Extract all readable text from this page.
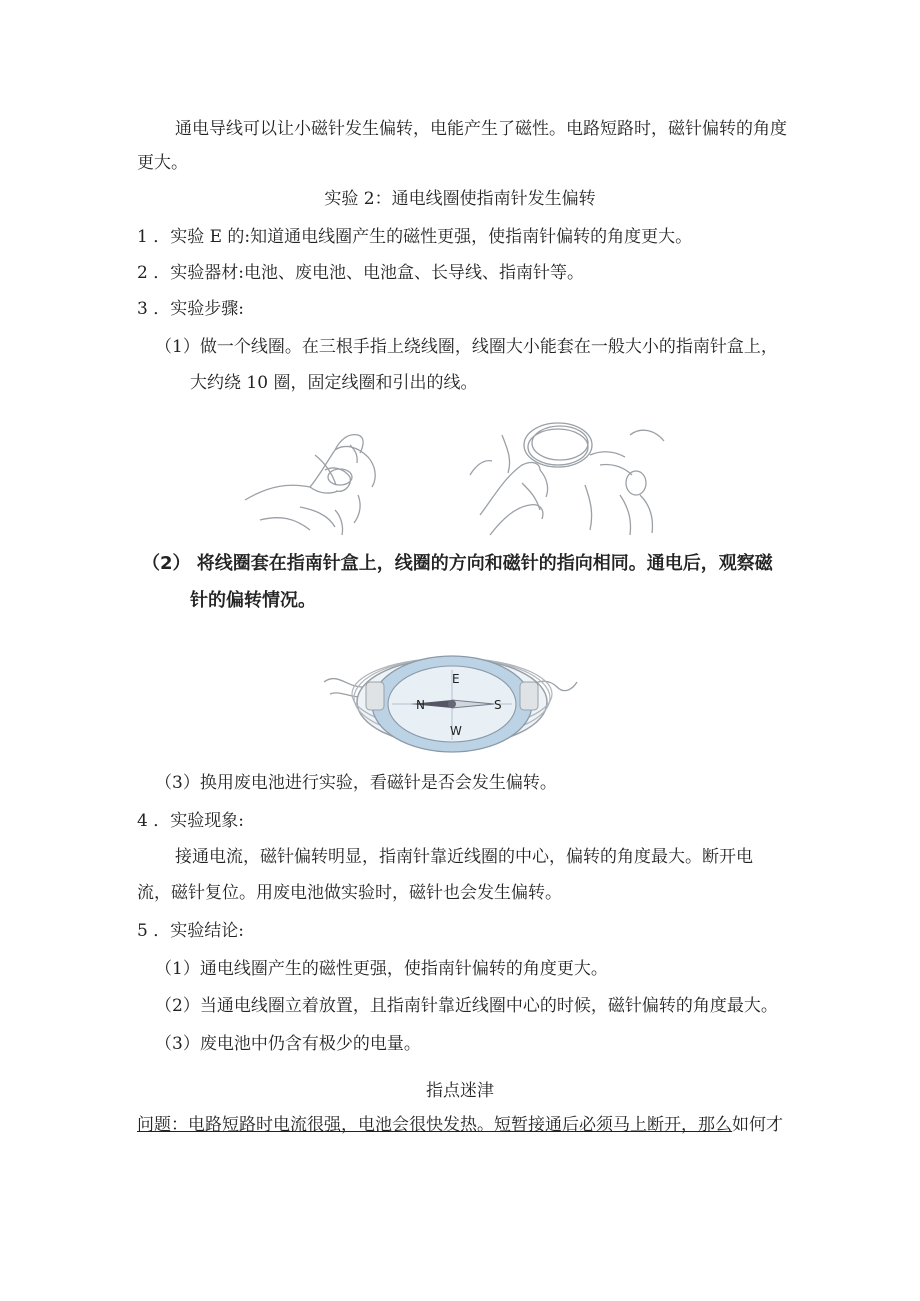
通电导线可以让小磁针发生偏转，电能产生了磁性。电路短路时，磁针偏转的角度
更大。
实验 2：通电线圈使指南针发生偏转
1 ．实验 E 的:知道通电线圈产生的磁性更强，使指南针偏转的角度更大。
2 ．实验器材:电池、废电池、电池盒、长导线、指南针等。
3 ．实验步骤:
（1）做一个线圈。在三根手指上绕线圈，线圈大小能套在一般大小的指南针盒上，
大约绕 10 圈，固定线圈和引出的线。
（2） 将线圈套在指南针盒上，线圈的方向和磁针的指向相同。通电后，观察磁
针的偏转情况。
E
N	S
W
（3）换用废电池进行实验，看磁针是否会发生偏转。
4 ．实验现象:
接通电流，磁针偏转明显，指南针靠近线圈的中心，偏转的角度最大。断开电
流，磁针复位。用废电池做实验时，磁针也会发生偏转。
5 ．实验结论:
（1）通电线圈产生的磁性更强，使指南针偏转的角度更大。
（2）当通电线圈立着放置，且指南针靠近线圈中心的时候，磁针偏转的角度最大。
（3）废电池中仍含有极少的电量。
指点迷津
问题：电路短路时电流很强，电池会很快发热。短暂接通后必须马上断开，那么如何才
